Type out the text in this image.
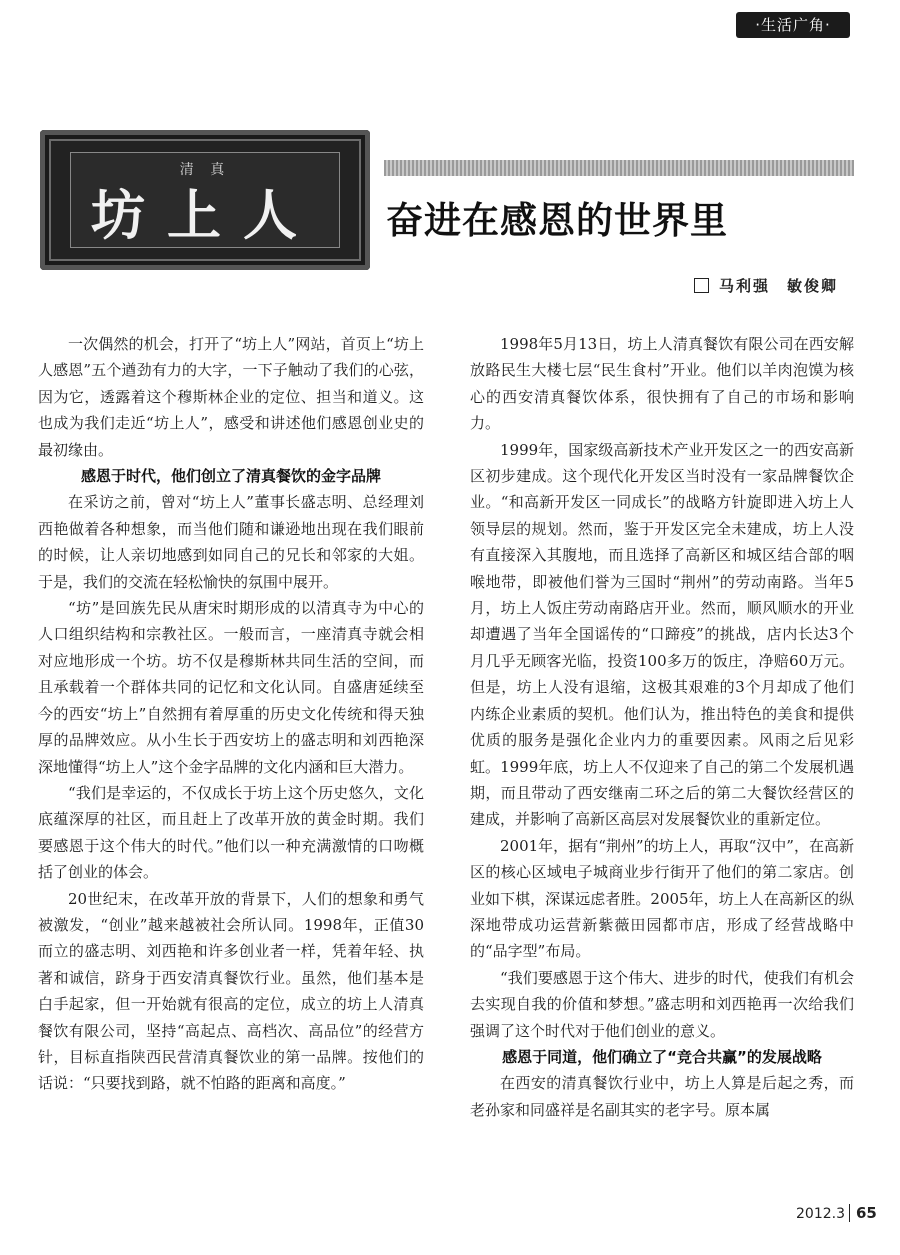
·生活广角·
清 真
坊上人	奋进在感恩的世界里
马利强　敏俊卿

一次偶然的机会，打开了“坊上人”网站，首页上“坊上人感恩”五个遒劲有力的大字，一下子触动了我们的心弦，因为它，透露着这个穆斯林企业的定位、担当和道义。这也成为我们走近“坊上人”，感受和讲述他们感恩创业史的最初缘由。

感恩于时代，他们创立了清真餐饮的金字品牌

在采访之前，曾对“坊上人”董事长盛志明、总经理刘西艳做着各种想象，而当他们随和谦逊地出现在我们眼前的时候，让人亲切地感到如同自己的兄长和邻家的大姐。于是，我们的交流在轻松愉快的氛围中展开。

“坊”是回族先民从唐宋时期形成的以清真寺为中心的人口组织结构和宗教社区。一般而言，一座清真寺就会相对应地形成一个坊。坊不仅是穆斯林共同生活的空间，而且承载着一个群体共同的记忆和文化认同。自盛唐延续至今的西安“坊上”自然拥有着厚重的历史文化传统和得天独厚的品牌效应。从小生长于西安坊上的盛志明和刘西艳深深地懂得“坊上人”这个金字品牌的文化内涵和巨大潜力。

“我们是幸运的，不仅成长于坊上这个历史悠久，文化底蕴深厚的社区，而且赶上了改革开放的黄金时期。我们要感恩于这个伟大的时代。”他们以一种充满激情的口吻概括了创业的体会。

20世纪末，在改革开放的背景下，人们的想象和勇气被激发，“创业”越来越被社会所认同。1998年，正值30而立的盛志明、刘西艳和许多创业者一样，凭着年轻、执著和诚信，跻身于西安清真餐饮行业。虽然，他们基本是白手起家，但一开始就有很高的定位，成立的坊上人清真餐饮有限公司，坚持“高起点、高档次、高品位”的经营方针，目标直指陕西民营清真餐饮业的第一品牌。按他们的话说：“只要找到路，就不怕路的距离和高度。”

1998年5月13日，坊上人清真餐饮有限公司在西安解放路民生大楼七层“民生食村”开业。他们以羊肉泡馍为核心的西安清真餐饮体系，很快拥有了自己的市场和影响力。

1999年，国家级高新技术产业开发区之一的西安高新区初步建成。这个现代化开发区当时没有一家品牌餐饮企业。“和高新开发区一同成长”的战略方针旋即进入坊上人领导层的规划。然而，鉴于开发区完全未建成，坊上人没有直接深入其腹地，而且选择了高新区和城区结合部的咽喉地带，即被他们誉为三国时“荆州”的劳动南路。当年5月，坊上人饭庄劳动南路店开业。然而，顺风顺水的开业却遭遇了当年全国谣传的“口蹄疫”的挑战，店内长达3个月几乎无顾客光临，投资100多万的饭庄，净赔60万元。但是，坊上人没有退缩，这极其艰难的3个月却成了他们内练企业素质的契机。他们认为，推出特色的美食和提供优质的服务是强化企业内力的重要因素。风雨之后见彩虹。1999年底，坊上人不仅迎来了自己的第二个发展机遇期，而且带动了西安继南二环之后的第二大餐饮经营区的建成，并影响了高新区高层对发展餐饮业的重新定位。

2001年，据有“荆州”的坊上人，再取“汉中”，在高新区的核心区域电子城商业步行街开了他们的第二家店。创业如下棋，深谋远虑者胜。2005年，坊上人在高新区的纵深地带成功运营新紫薇田园都市店，形成了经营战略中的“品字型”布局。

“我们要感恩于这个伟大、进步的时代，使我们有机会去实现自我的价值和梦想。”盛志明和刘西艳再一次给我们强调了这个时代对于他们创业的意义。

感恩于同道，他们确立了“竞合共赢”的发展战略

在西安的清真餐饮行业中，坊上人算是后起之秀，而老孙家和同盛祥是名副其实的老字号。原本属

2012.3 65
